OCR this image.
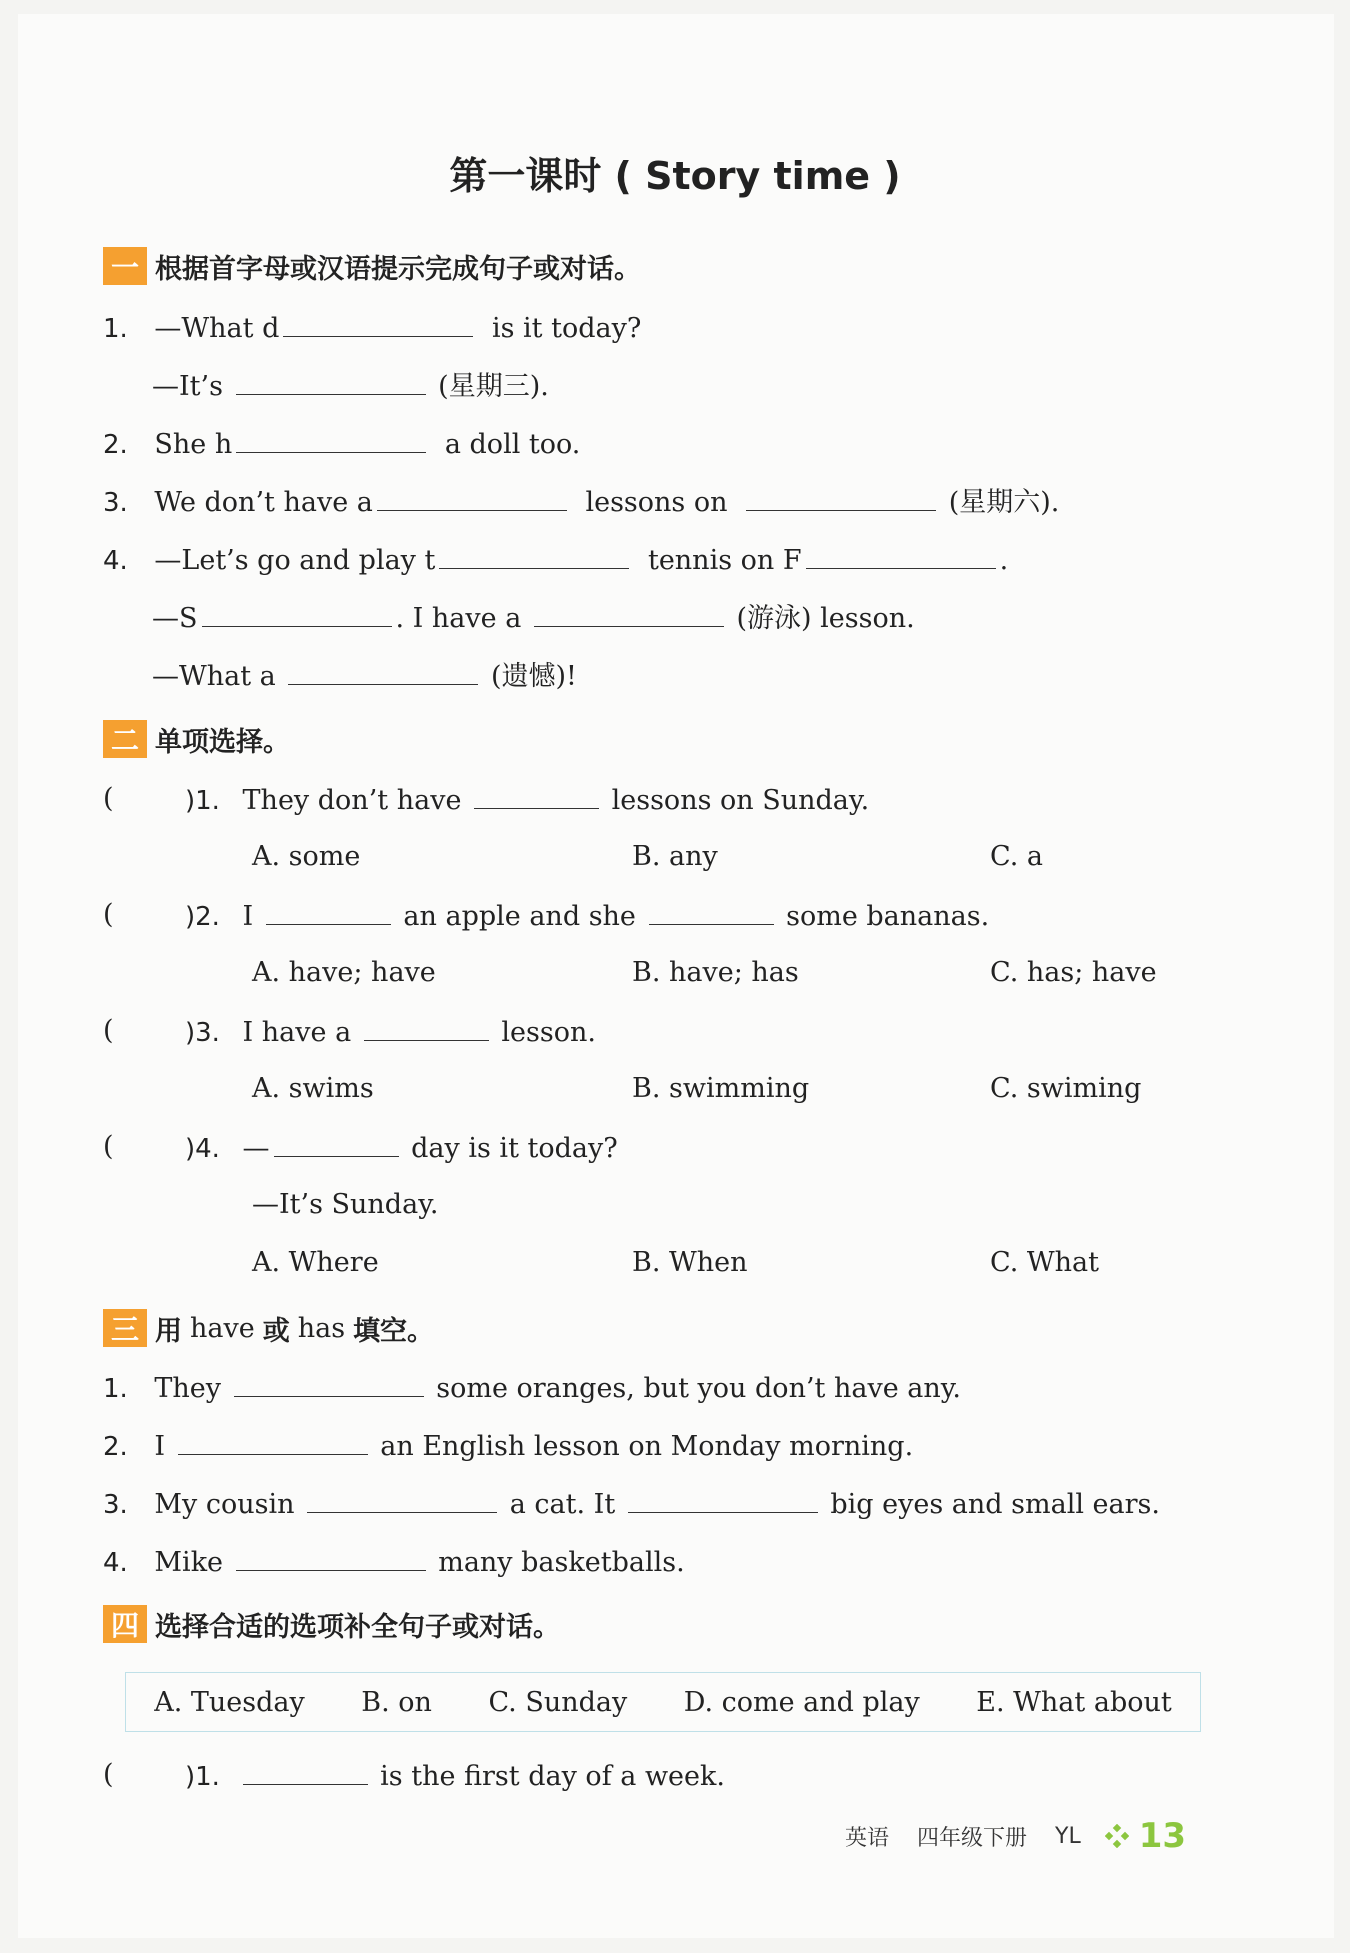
第一课时 ( Story time )
一 根据首字母或汉语提示完成句子或对话。
1. —What d	is it today?
—It’s	(星期三).
2. She h	a doll too.
3. We don’t have a	lessons on	(星期六).
4. —Let’s go and play t	tennis on F	.
—S	. I have a	(游泳) lesson.
—What a	(遗憾)!
二 单项选择。
(	)1. They don’t have	lessons on Sunday.
A. some	B. any	C. a
(	)2. I	an apple and she	some bananas.
A. have; have	B. have; has	C. has; have
(	)3. I have a	lesson.
A. swims	B. swimming	C. swiming
(	)4. —	day is it today?
—It’s Sunday.
A. Where	B. When	C. What
三 用 have 或 has 填空。
1. They	some oranges, but you don’t have any.
2. I	an English lesson on Monday morning.
3. My cousin	a cat. It	big eyes and small ears.
4. Mike	many basketballs.
四 选择合适的选项补全句子或对话。
A. Tuesday B. on C. Sunday D. come and play E. What about
(	)1.	is the first day of a week.
英语 四年级下册 YL 13
